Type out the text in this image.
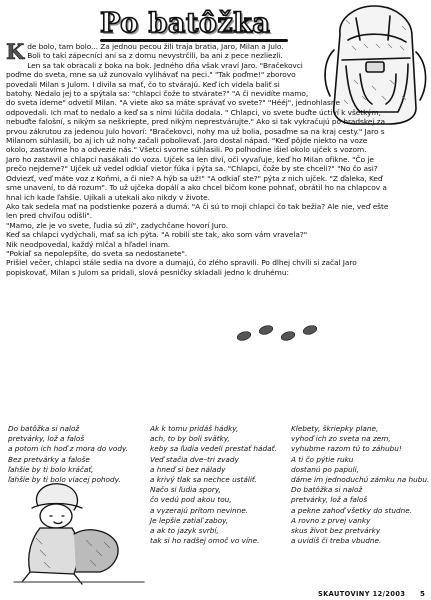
Po batôžka
K de bolo, tam bolo... Za jednou pecou žili traja bratia, Jaro, Milan a Julo.
Boli to takí zápecníci ani sa z domu nevystrčili, ba ani z pece nezliezli.
Len sa tak obracali z boka na bok. Jedného dňa však vraví Jaro. "Bračekovci
poďme do sveta, mne sa už zunovalo vylihávať na peci." "Tak poďme!" zborovo
povedali Milan s Julom. I divila sa mať, čo to stvárajú. Keď ich videla baliť si
batohy. Nedalo jej to a spýtala sa: "chlapci čože to stvárate?" "A či nevidíte mamo,
do sveta ideme" odvetil Milan. "A viete ako sa máte správať vo svete?" "Hééj", jednohlasne
odpovedali. Ich mať to nedalo a keď sa s nimi lúčila dodala. " Chlapci, vo svete buďte úctiví k všetkým,
nebuďte falošní, s nikým sa neškriepte, pred nikým neprestvárujte." Ako si tak vykračujú po hradskej za
prvou zákrutou za jedenou Julo hovorí: "Bračekovci, nohy ma už bolia, posaďme sa na kraj cesty." Jaro s
Milanom súhlasili, bo aj ich už nohy začali pobolievať. Jaro dostal nápad. "Keď pôjde niekto na voze
okolo, zastavíme ho a odvezie nás." Všetci svorne súhlasili. Po polhodine išiel okolo ujček s vozom.
Jaro ho zastavil a chlapci nasákali do voza. Ujček sa len diví, oči vyvaľuje, keď ho Milan ofikne. "Čo je
prečo nejdeme?" Ujček už vedel odkiaľ vietor fúka i pýta sa. "Chlapci, čože by ste chceli?" "No čo asi?
Odviezť, veď máte voz z Koňmi, a či nie? A hýb sa už!" "A odkiaľ ste?" pýta z nich ujček. "Z ďaleka, Keď
sme unavení, to dá rozum". To už ujčeka dopálí a ako chcel bičom kone pohnať, obrátil ho na chlapcov a
hnal ich kade ľahšie. Ujíkali a utekali ako nikdy v živote.
Ako tak sedela mať na podstienke pozerá a dumá. "A či sú to moji chlapci čo tak bežia? Ale nie, veď ešte
len pred chvíľou odišli".
"Mamo, zle je vo svete, ľudia sú zlí", zadychčane hovorí Juro.
Keď sa chlapci vydýchali, mať sa ich pýta. "A robili ste tak, ako som vám vravela?"
Nik neodpovedal, každý mlčal a hľadel inam.
"Pokiaľ sa nepolepšíte, do sveta sa nedostanete".
Prišiel večer, chlapci stále sedia na dvore a dumajú, čo zlého spravili. Po dlhej chvíli si začal Jaro
popiskovať, Milan s Julom sa pridali, slová pesničky skladali jedno k druhému:
Do batôžka si nalož
pretvárky, lož a faloš
a potom ich hoď z mora do vody.
Bez pretvárky a faloše
ľahšie by ti bolo kráčať,
ľahšie by ti bolo viacej pohody.
Ak k tomu pridáš hádky,
ach, to by boli svätky,
keby sa ľudia vedeli prestať hádať.
Veď stačia dve–tri zvady
a hneď si bez nálady
a krivý tlak sa nechce ustáliť.
Načo si ľudia spory,
čo vedú pod akou tou,
a vyzerajú prítom nevinne.
Je lepšie zatiaľ zaboy,
a ak to jazyk svrbí,
tak si ho radšej omoč vo víne.
Klebety, škriepky plane,
vyhoď ich zo sveta na zem,
vyhubme razom tú to záhubu!
A ti čo pýtie ruku
dostanú po papuli,
dáme im jednoduchú zámku na hubu.
Do batôžka si nalož
pretvárky, lož a faloš
a pekne zahoď všetky do studne.
A rovno z prvej vanky
skus život bez pretvárky
a uvidíš či treba vbudne.
SKAUTOVINY 12/2003 5
